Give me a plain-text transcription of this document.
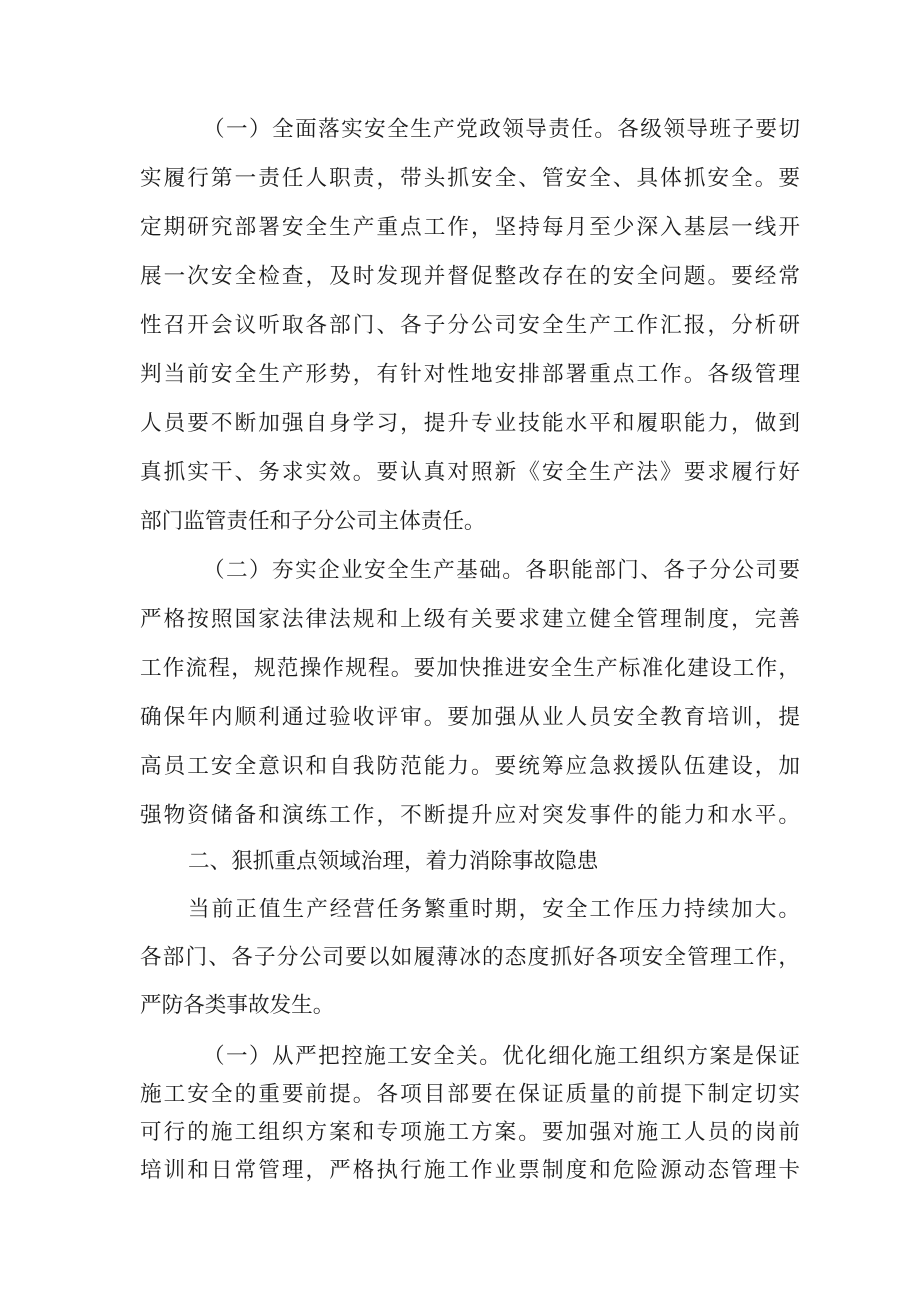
（一）全面落实安全生产党政领导责任。各级领导班子要切
实履行第一责任人职责，带头抓安全、管安全、具体抓安全。要
定期研究部署安全生产重点工作，坚持每月至少深入基层一线开
展一次安全检查，及时发现并督促整改存在的安全问题。要经常
性召开会议听取各部门、各子分公司安全生产工作汇报，分析研
判当前安全生产形势，有针对性地安排部署重点工作。各级管理
人员要不断加强自身学习，提升专业技能水平和履职能力，做到
真抓实干、务求实效。要认真对照新《安全生产法》要求履行好
部门监管责任和子分公司主体责任。
（二）夯实企业安全生产基础。各职能部门、各子分公司要
严格按照国家法律法规和上级有关要求建立健全管理制度，完善
工作流程，规范操作规程。要加快推进安全生产标准化建设工作，
确保年内顺利通过验收评审。要加强从业人员安全教育培训，提
高员工安全意识和自我防范能力。要统筹应急救援队伍建设，加
强物资储备和演练工作，不断提升应对突发事件的能力和水平。
二、狠抓重点领域治理，着力消除事故隐患
当前正值生产经营任务繁重时期，安全工作压力持续加大。
各部门、各子分公司要以如履薄冰的态度抓好各项安全管理工作，
严防各类事故发生。
（一）从严把控施工安全关。优化细化施工组织方案是保证
施工安全的重要前提。各项目部要在保证质量的前提下制定切实
可行的施工组织方案和专项施工方案。要加强对施工人员的岗前
培训和日常管理，严格执行施工作业票制度和危险源动态管理卡
